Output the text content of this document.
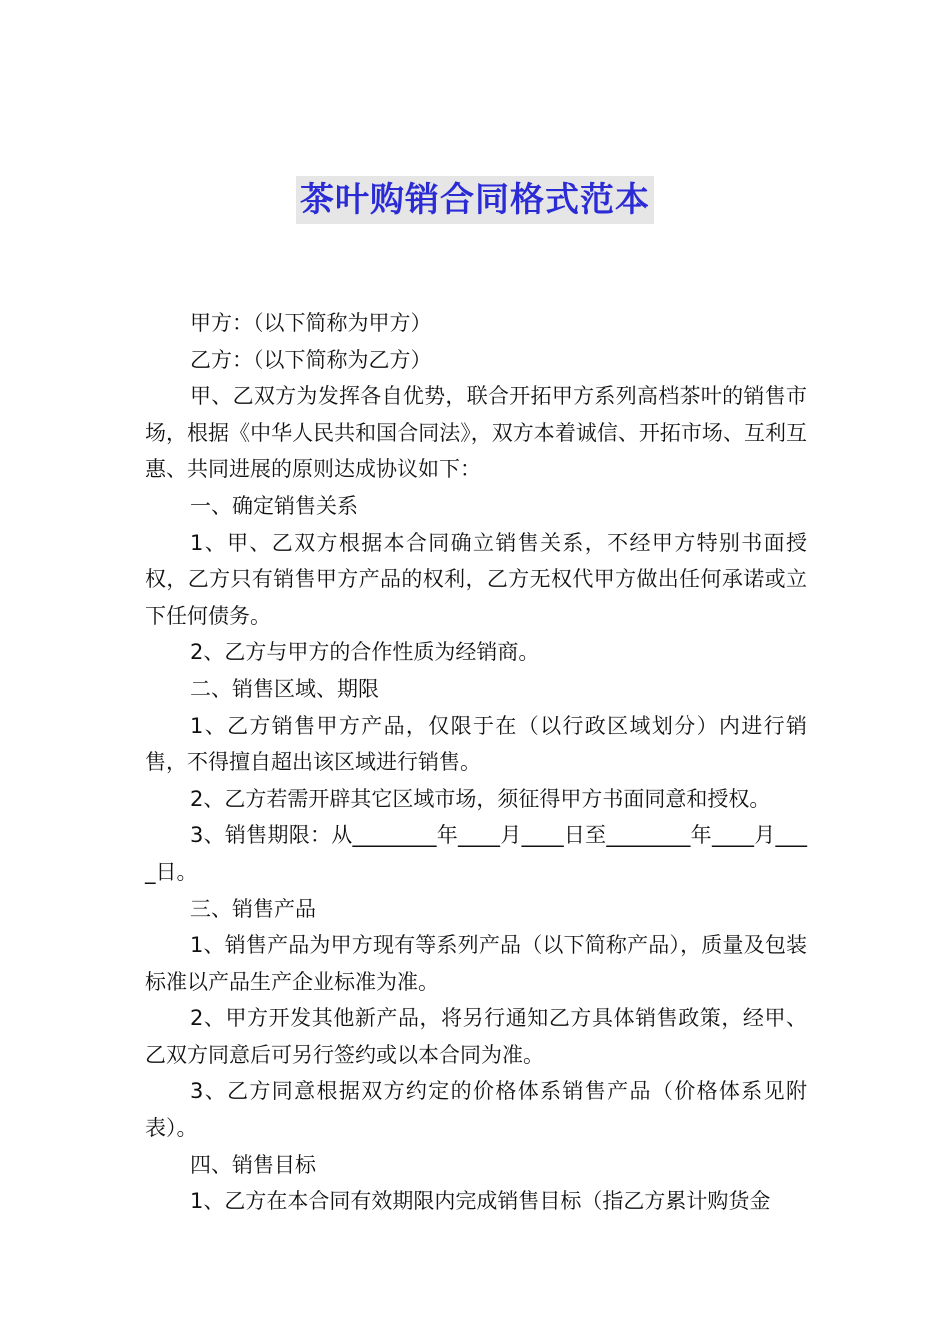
茶叶购销合同格式范本

甲方：（以下简称为甲方）

乙方：（以下简称为乙方）

甲、乙双方为发挥各自优势，联合开拓甲方系列高档茶叶的销售市场，根据《中华人民共和国合同法》，双方本着诚信、开拓市场、互利互惠、共同进展的原则达成协议如下：

一、确定销售关系

1、甲、乙双方根据本合同确立销售关系，不经甲方特别书面授权，乙方只有销售甲方产品的权利，乙方无权代甲方做出任何承诺或立下任何债务。

2、乙方与甲方的合作性质为经销商。

二、销售区域、期限

1、乙方销售甲方产品，仅限于在（以行政区域划分）内进行销售，不得擅自超出该区域进行销售。

2、乙方若需开辟其它区域市场，须征得甲方书面同意和授权。

3、销售期限：从________年____月____日至________年____月____日。

三、销售产品

1、销售产品为甲方现有等系列产品（以下简称产品），质量及包装标准以产品生产企业标准为准。

2、甲方开发其他新产品，将另行通知乙方具体销售政策，经甲、乙双方同意后可另行签约或以本合同为准。

3、乙方同意根据双方约定的价格体系销售产品（价格体系见附表）。

四、销售目标

1、乙方在本合同有效期限内完成销售目标（指乙方累计购货金
